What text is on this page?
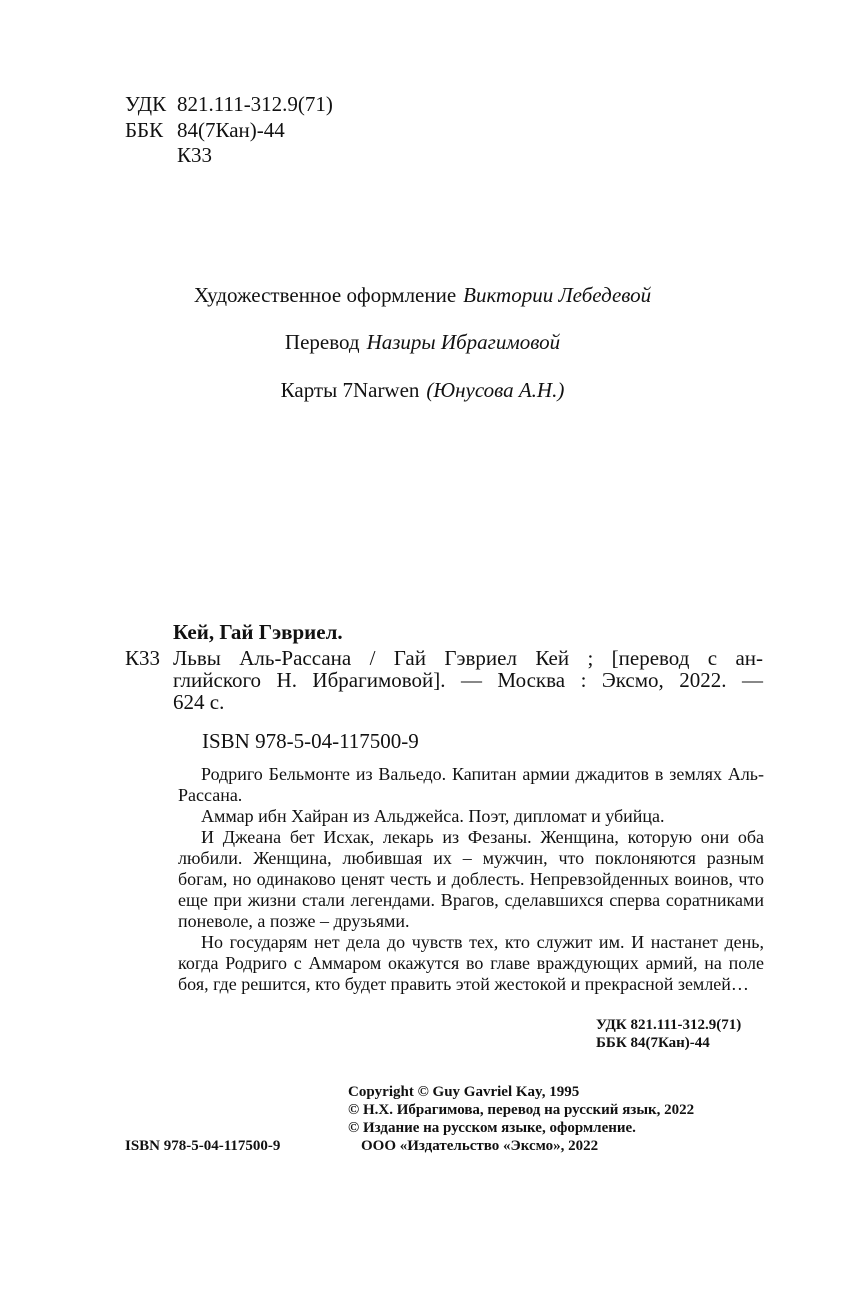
УДК 821.111-312.9(71)
ББК 84(7Кан)-44
К33
Художественное оформление Виктории Лебедевой
Перевод Назиры Ибрагимовой
Карты 7Narwen (Юнусова А.Н.)
Кей, Гай Гэвриел.
К33 Львы Аль-Рассана / Гай Гэвриел Кей ; [перевод с ан-
глийского Н. Ибрагимовой]. — Москва : Эксмо, 2022. —
624 с.
ISBN 978-5-04-117500-9

Родриго Бельмонте из Вальедо. Капитан армии джадитов в землях Аль-Рассана.

Аммар ибн Хайран из Альджейса. Поэт, дипломат и убийца.

И Джеана бет Исхак, лекарь из Фезаны. Женщина, которую они оба любили. Женщина, любившая их – мужчин, что поклоняются разным богам, но одинаково ценят честь и доблесть. Непревзойденных воинов, что еще при жизни стали легендами. Врагов, сделавшихся сперва соратниками поневоле, а позже – друзьями.

Но государям нет дела до чувств тех, кто служит им. И настанет день, когда Родриго с Аммаром окажутся во главе враждующих армий, на поле боя, где решится, кто будет править этой жестокой и прекрасной землей…

УДК 821.111-312.9(71)
ББК 84(7Кан)-44
Copyright © Guy Gavriel Kay, 1995
© Н.Х. Ибрагимова, перевод на русский язык, 2022
© Издание на русском языке, оформление.
ООО «Издательство «Эксмо», 2022
ISBN 978-5-04-117500-9
